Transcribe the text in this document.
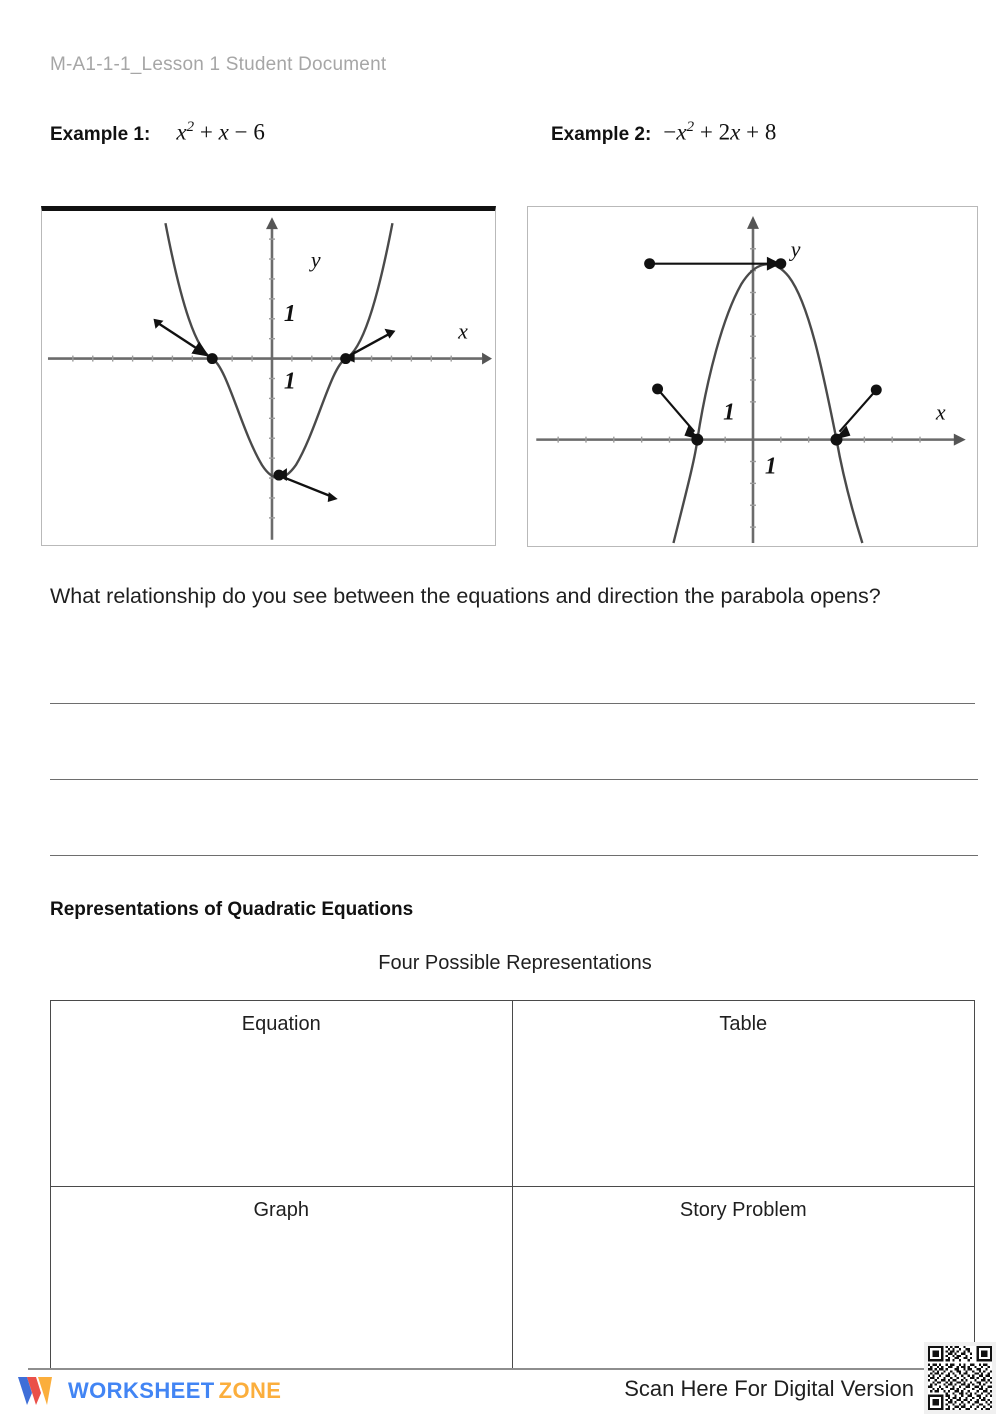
M-A1-1-1_Lesson 1 Student Document
Example 1: $x^2 + x - 6$	Example 2: $-x^2 + 2x + 8$
1
1
y
x
1
1
y
x
What relationship do you see between the equations and direction the parabola opens?
Representations of Quadratic Equations
Four Possible Representations
Equation	Table
Graph	Story Problem
WORKSHEET ZONE	Scan Here For Digital Version
